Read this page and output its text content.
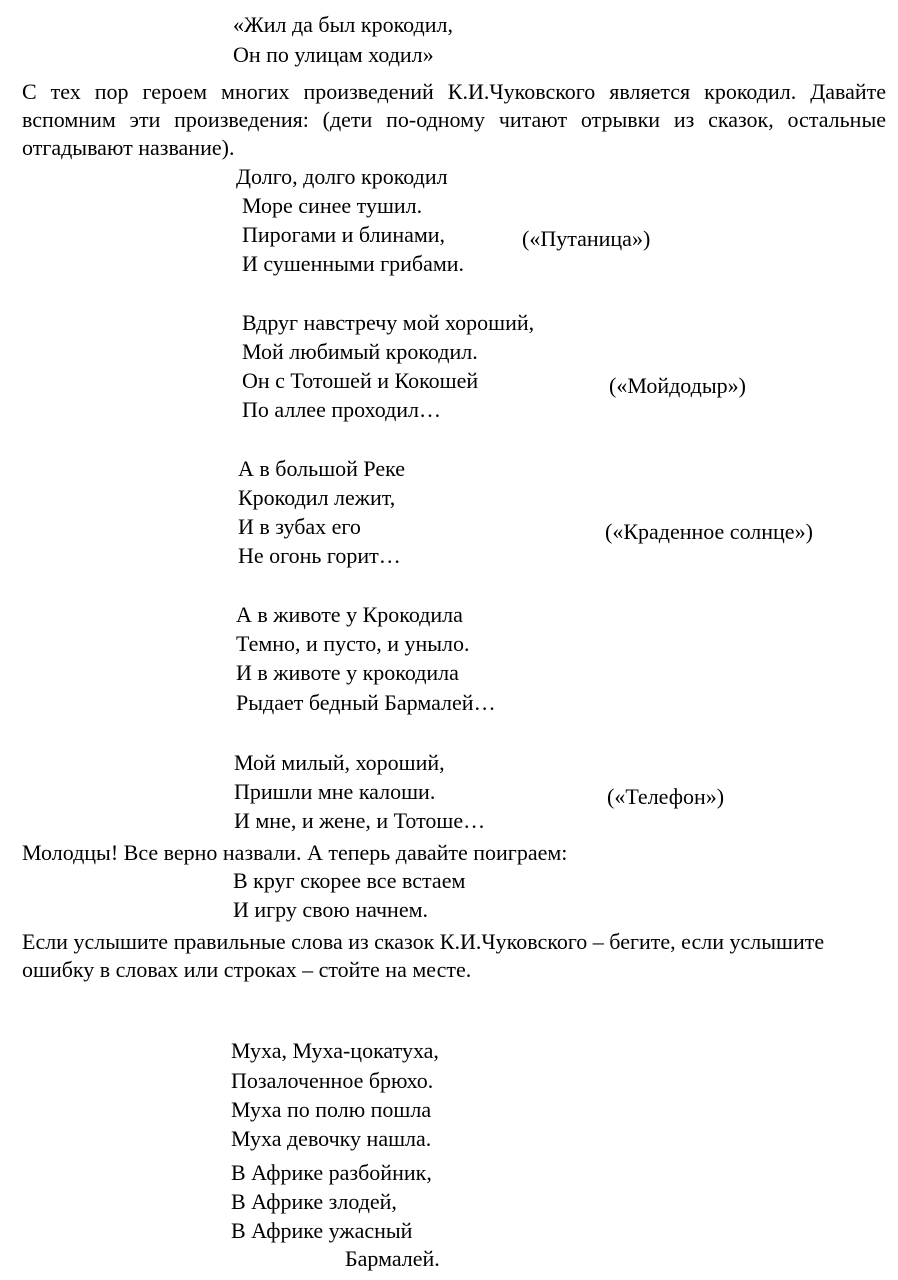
«Жил да был крокодил,

Он по улицам ходил»

С тех пор героем многих произведений К.И.Чуковского является крокодил. Давайте вспомним эти произведения: (дети по-одному читают отрывки из сказок, остальные отгадывают название).

Долго, долго крокодил

Море синее тушил.

Пирогами и блинами,	(«Путаница»)

И сушенными грибами.

Вдруг навстречу мой хороший,

Мой любимый крокодил.

Он с Тотошей и Кокошей	(«Мойдодыр»)

По аллее проходил…

А в большой Реке

Крокодил лежит,

И в зубах его	(«Краденное солнце»)

Не огонь горит…

А в животе у Крокодила

Темно, и пусто, и уныло.

И в животе у крокодила

Рыдает бедный Бармалей…

Мой милый, хороший,

Пришли мне калоши.	(«Телефон»)

И мне, и жене, и Тотоше…

Молодцы! Все верно назвали. А теперь давайте поиграем:

В круг скорее все встаем

И игру свою начнем.

Если услышите правильные слова из сказок К.И.Чуковского – бегите, если услышите ошибку в словах или строках – стойте на месте.

Муха, Муха-цокатуха,

Позалоченное брюхо.

Муха по полю пошла

Муха девочку нашла.

В Африке разбойник,

В Африке злодей,

В Африке ужасный

Бармалей.
